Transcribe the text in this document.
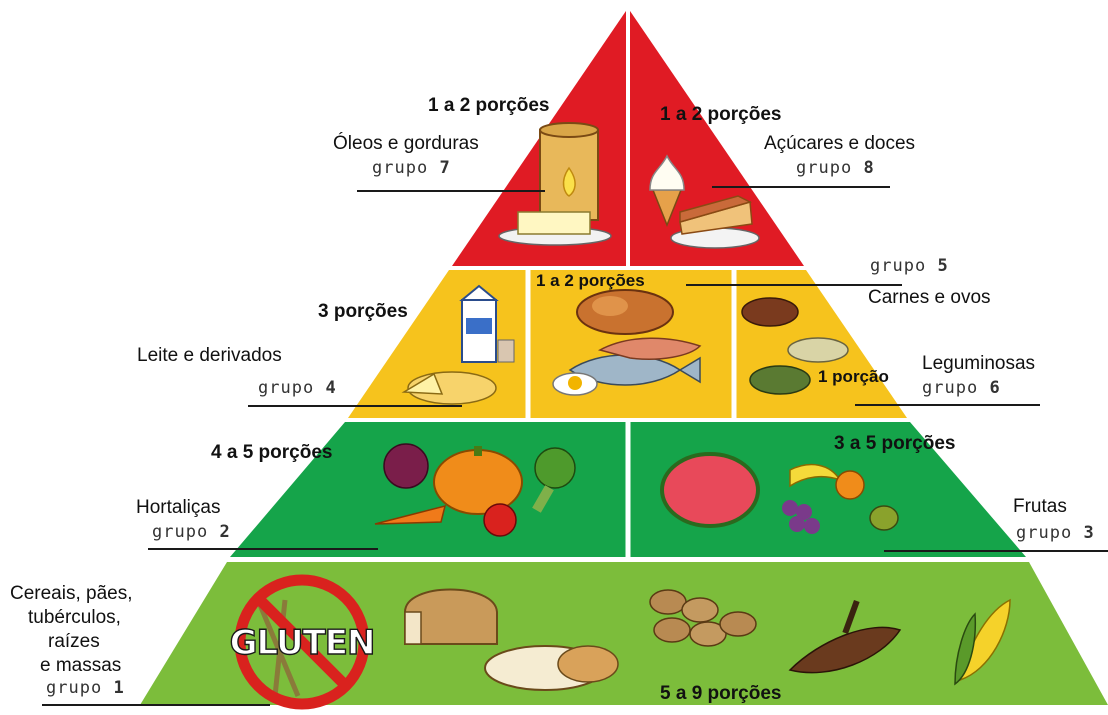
GLUTEN
1 a 2 porções
Óleos e gorduras
grupo 7
1 a 2 porções
Açúcares e doces
grupo 8
3 porções
Leite e derivados
grupo 4
1 a 2 porções
grupo 5
Carnes e ovos
1 porção
Leguminosas
grupo 6
4 a 5 porções
Hortaliças
grupo 2
3 a 5 porções
Frutas
grupo 3
Cereais, pães,
tubérculos,
raízes
e massas
grupo 1	5 a 9 porções
